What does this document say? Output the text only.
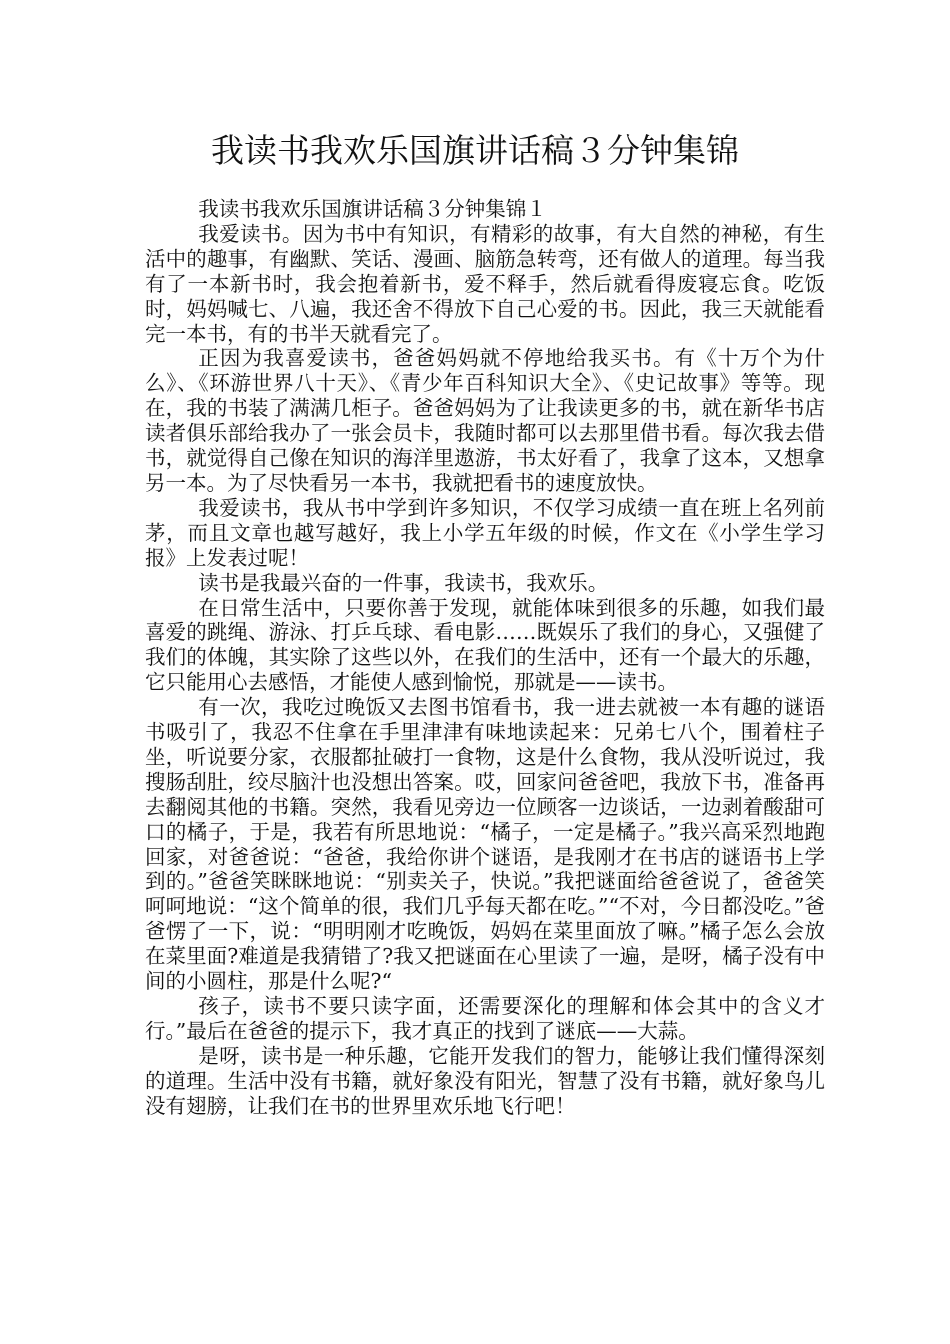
我读书我欢乐国旗讲话稿３分钟集锦

我读书我欢乐国旗讲话稿３分钟集锦１

我爱读书。因为书中有知识，有精彩的故事，有大自然的神秘，有生活中的趣事，有幽默、笑话、漫画、脑筋急转弯，还有做人的道理。每当我有了一本新书时，我会抱着新书，爱不释手，然后就看得废寝忘食。吃饭时，妈妈喊七、八遍，我还舍不得放下自己心爱的书。因此，我三天就能看完一本书，有的书半天就看完了。

正因为我喜爱读书，爸爸妈妈就不停地给我买书。有《十万个为什么》、《环游世界八十天》、《青少年百科知识大全》、《史记故事》等等。现在，我的书装了满满几柜子。爸爸妈妈为了让我读更多的书，就在新华书店读者俱乐部给我办了一张会员卡，我随时都可以去那里借书看。每次我去借书，就觉得自己像在知识的海洋里遨游，书太好看了，我拿了这本，又想拿另一本。为了尽快看另一本书，我就把看书的速度放快。

我爱读书，我从书中学到许多知识，不仅学习成绩一直在班上名列前茅，而且文章也越写越好，我上小学五年级的时候，作文在《小学生学习报》上发表过呢！

读书是我最兴奋的一件事，我读书，我欢乐。

在日常生活中，只要你善于发现，就能体味到很多的乐趣，如我们最喜爱的跳绳、游泳、打乒乓球、看电影……既娱乐了我们的身心，又强健了我们的体魄，其实除了这些以外，在我们的生活中，还有一个最大的乐趣，它只能用心去感悟，才能使人感到愉悦，那就是——读书。

有一次，我吃过晚饭又去图书馆看书，我一进去就被一本有趣的谜语书吸引了，我忍不住拿在手里津津有味地读起来：兄弟七八个，围着柱子坐，听说要分家，衣服都扯破打一食物，这是什么食物，我从没听说过，我搜肠刮肚，绞尽脑汁也没想出答案。哎，回家问爸爸吧，我放下书，准备再去翻阅其他的书籍。突然，我看见旁边一位顾客一边谈话，一边剥着酸甜可口的橘子，于是，我若有所思地说：“橘子，一定是橘子。”我兴高采烈地跑回家，对爸爸说：“爸爸，我给你讲个谜语，是我刚才在书店的谜语书上学到的。”爸爸笑眯眯地说：“别卖关子，快说。”我把谜面给爸爸说了，爸爸笑呵呵地说：“这个简单的很，我们几乎每天都在吃。”“不对，今日都没吃。”爸爸愣了一下，说：“明明刚才吃晚饭，妈妈在菜里面放了嘛。”橘子怎么会放在菜里面?难道是我猜错了?我又把谜面在心里读了一遍，是呀，橘子没有中间的小圆柱，那是什么呢?“

孩子，读书不要只读字面，还需要深化的理解和体会其中的含义才行。”最后在爸爸的提示下，我才真正的找到了谜底——大蒜。

是呀，读书是一种乐趣，它能开发我们的智力，能够让我们懂得深刻的道理。生活中没有书籍，就好象没有阳光，智慧了没有书籍，就好象鸟儿没有翅膀，让我们在书的世界里欢乐地飞行吧！
